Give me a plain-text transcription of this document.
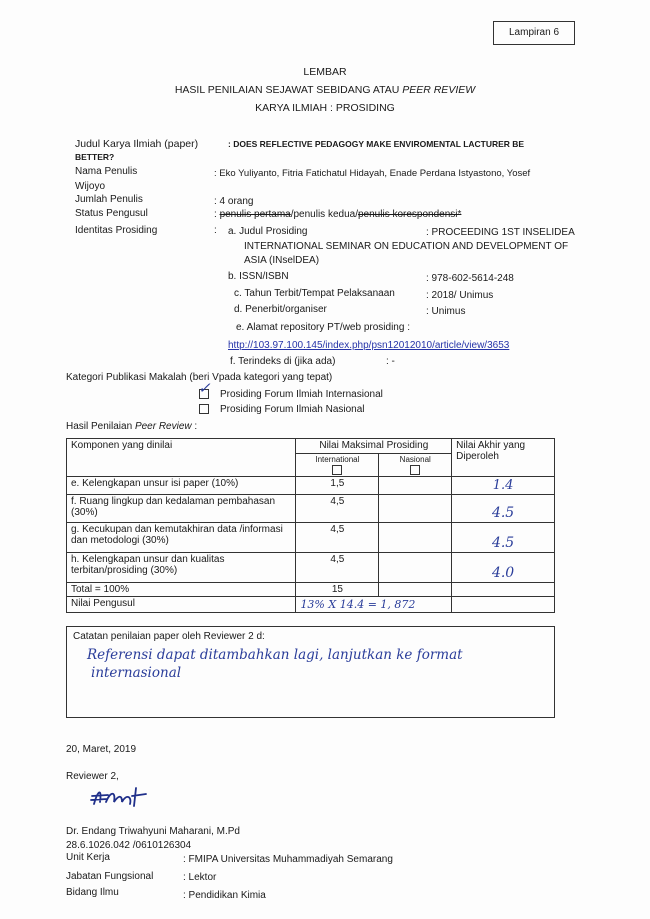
Lampiran 6
LEMBAR
HASIL PENILAIAN SEJAWAT SEBIDANG ATAU PEER REVIEW
KARYA ILMIAH : PROSIDING
Judul Karya Ilmiah (paper)	: DOES REFLECTIVE PEDAGOGY MAKE ENVIROMENTAL LACTURER BE
BETTER?
Nama Penulis	: Eko Yuliyanto, Fitria Fatichatul Hidayah, Enade Perdana Istyastono, Yosef
Wijoyo
Jumlah Penulis	: 4 orang
Status Pengusul	: penulis pertama/penulis kedua/penulis korespondensi*
Identitas Prosiding	: a. Judul Prosiding	: PROCEEDING 1ST INSELIDEA
INTERNATIONAL SEMINAR ON EDUCATION AND DEVELOPMENT OF
ASIA (INselDEA)
b. ISSN/ISBN	: 978-602-5614-248
c. Tahun Terbit/Tempat Pelaksanaan	: 2018/ Unimus
d. Penerbit/organiser	: Unimus
e. Alamat repository PT/web prosiding :
http://103.97.100.145/index.php/psn12012010/article/view/3653
f. Terindeks di (jika ada)	: -
Kategori Publikasi Makalah (beri Vpada kategori yang tepat)
✓ Prosiding Forum Ilmiah Internasional
Prosiding Forum Ilmiah Nasional
Hasil Penilaian Peer Review :
Komponen yang dinilai	Nilai Maksimal Prosiding		Nilai Akhir yang Diperoleh

	International	Nasional	

e. Kelengkapan unsur isi paper (10%)	1,5		1.4
f. Ruang lingkup dan kedalaman pembahasan (30%)	4,5		4.5
g. Kecukupan dan kemutakhiran data /informasi dan metodologi (30%)	4,5		4.5
h. Kelengkapan unsur dan kualitas terbitan/prosiding (30%)	4,5		4.0
Total = 100%	15		
Nilai Pengusul	13% X 14.4 = 1, 872		
Catatan penilaian paper oleh Reviewer 2 d:
Referensi dapat ditambahkan lagi, lanjutkan ke format
internasional
20, Maret, 2019
Reviewer 2,
Dr. Endang Triwahyuni Maharani, M.Pd
28.6.1026.042 /0610126304
Unit Kerja	: FMIPA Universitas Muhammadiyah Semarang
Jabatan Fungsional	: Lektor
Bidang Ilmu	: Pendidikan Kimia
